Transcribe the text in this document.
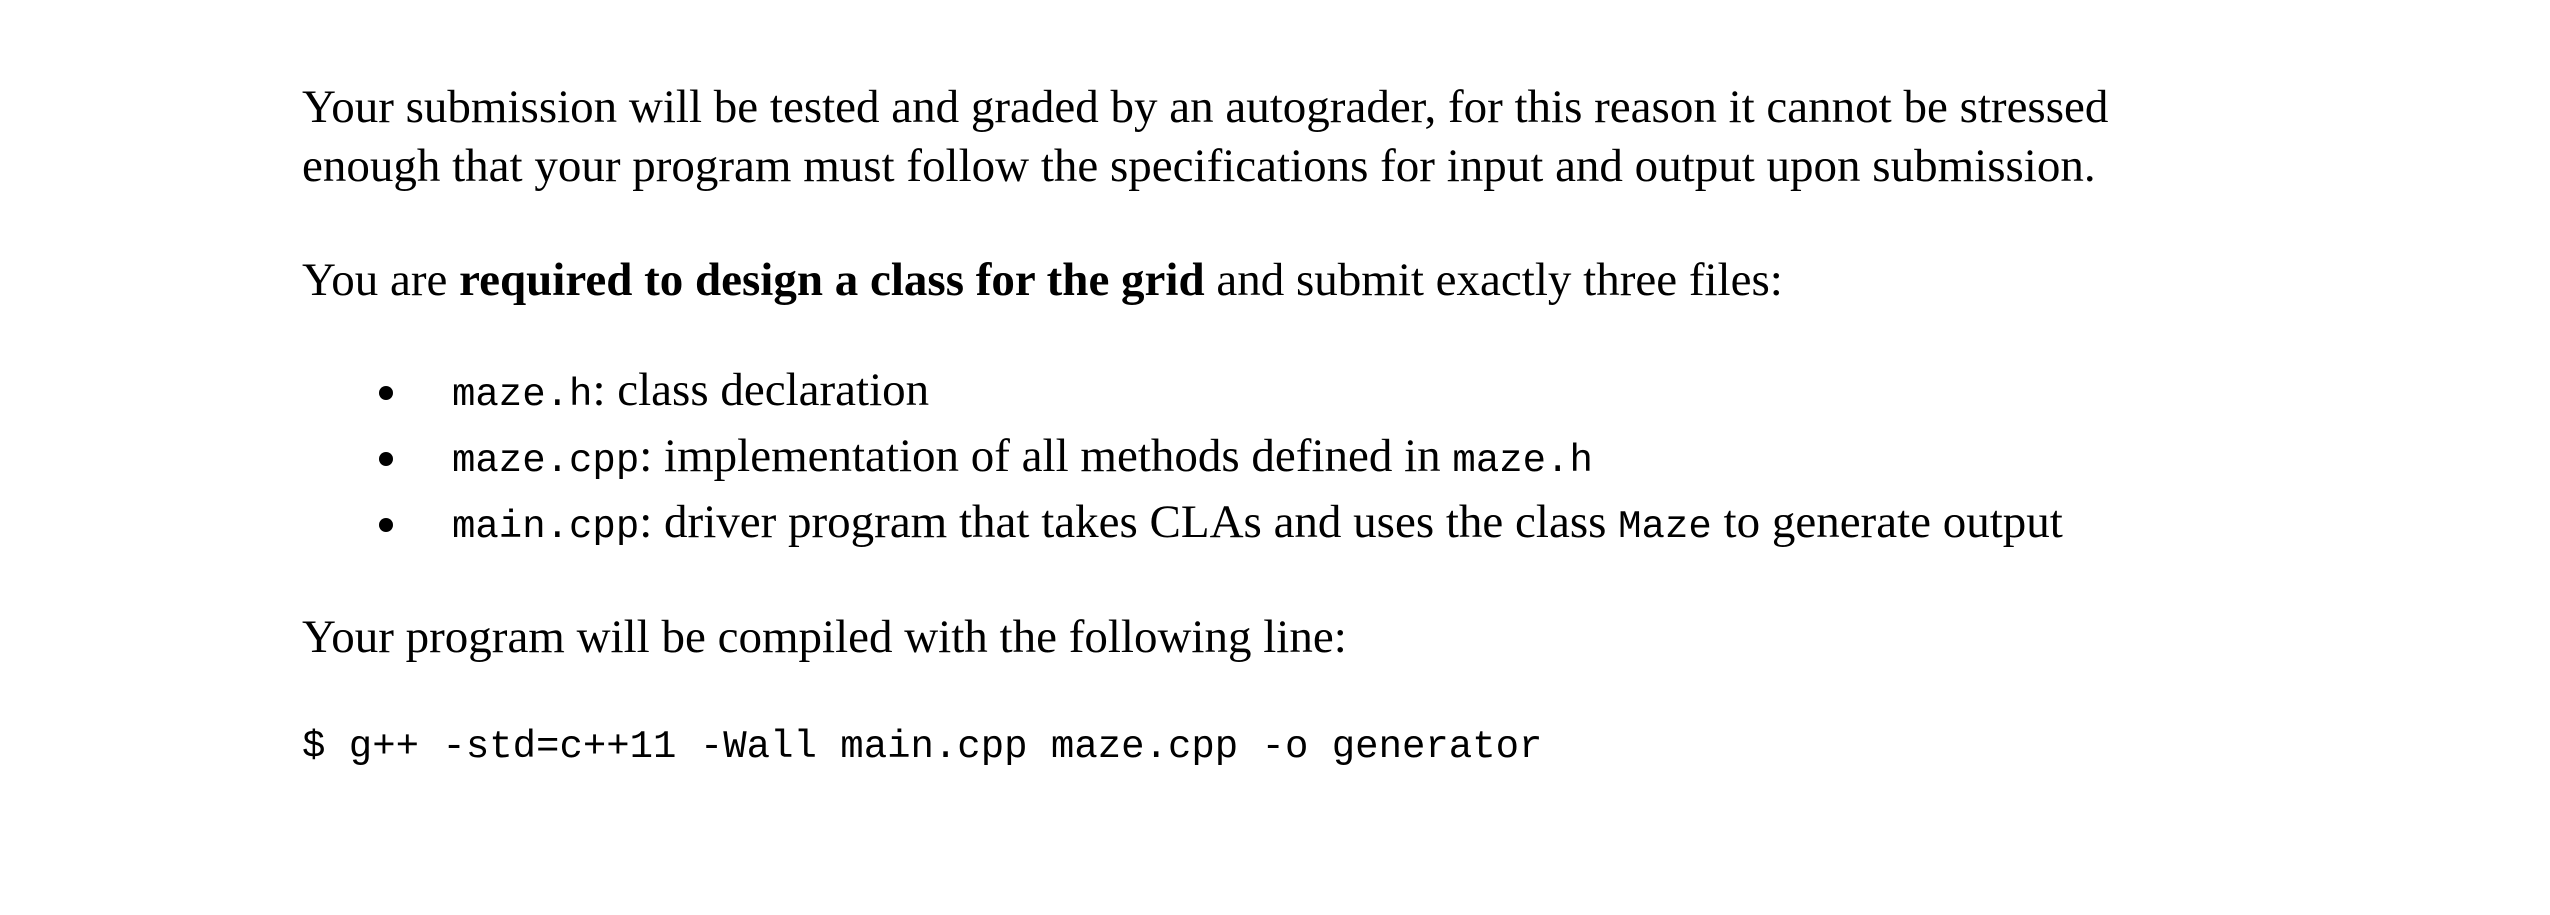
Your submission will be tested and graded by an autograder, for this reason it cannot be stressed
enough that your program must follow the specifications for input and output upon submission.
You are required to design a class for the grid and submit exactly three files:
maze.h: class declaration
maze.cpp: implementation of all methods defined in maze.h
main.cpp: driver program that takes CLAs and uses the class Maze to generate output
Your program will be compiled with the following line:
$ g++ -std=c++11 -Wall main.cpp maze.cpp -o generator
